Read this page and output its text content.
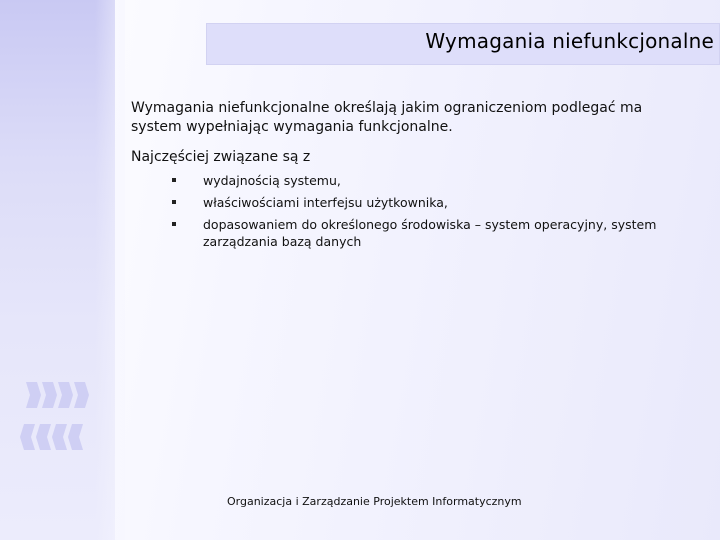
Wymagania niefunkcjonalne
Wymagania niefunkcjonalne określają jakim ograniczeniom podlegać ma system wypełniając wymagania funkcjonalne.
Najczęściej związane są z
wydajnością systemu,
właściwościami interfejsu użytkownika,
dopasowaniem do określonego środowiska – system operacyjny, system zarządzania bazą danych
Organizacja i Zarządzanie Projektem Informatycznym
